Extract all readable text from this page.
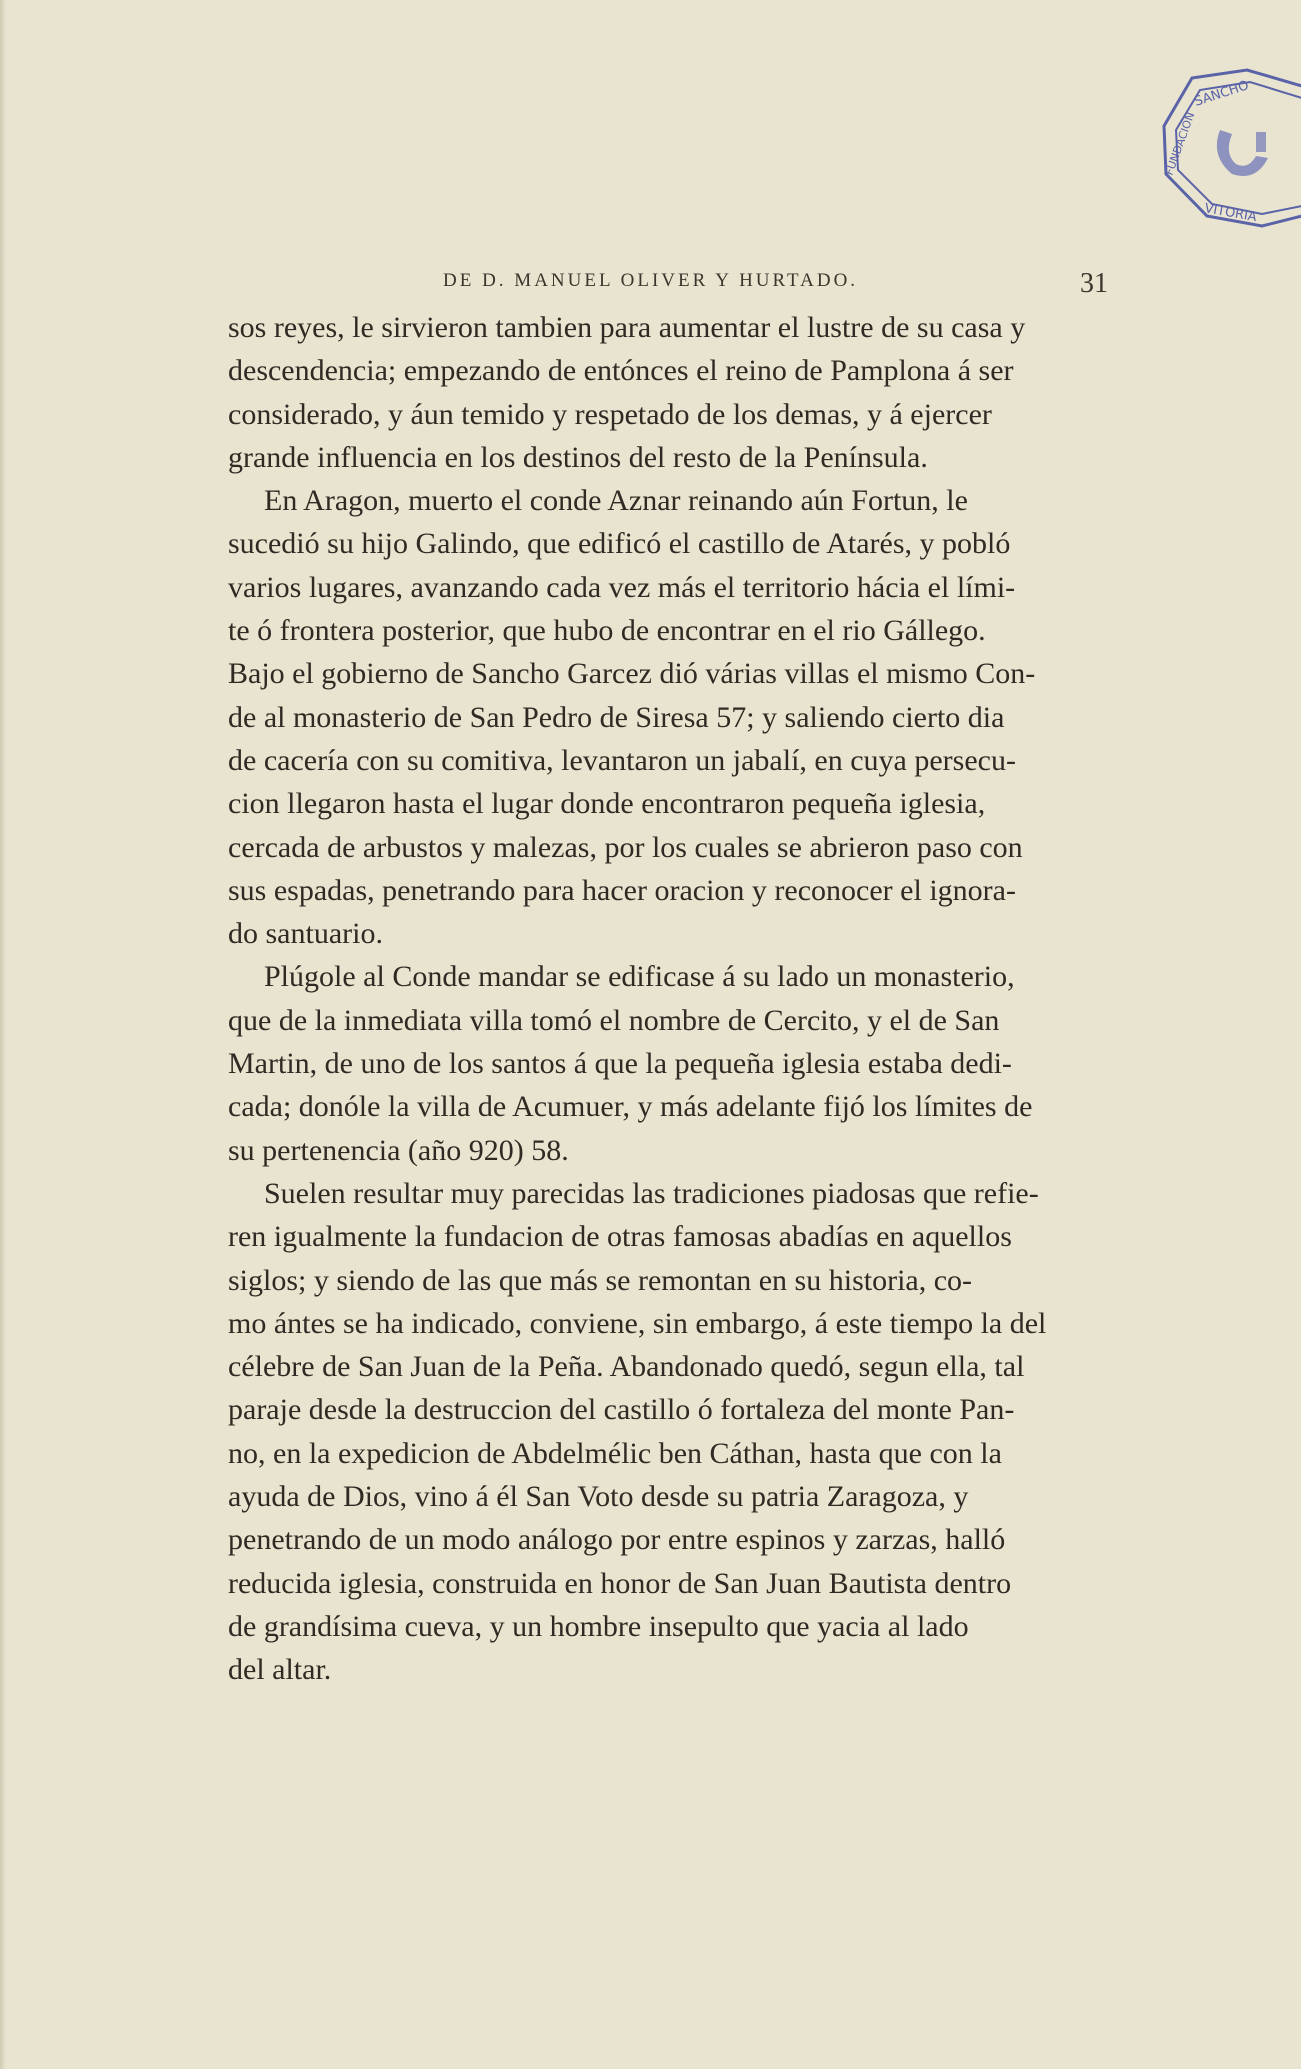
SANCHO
VITORIA
FUNDACION
DE D. MANUEL OLIVER Y HURTADO.	31
sos reyes, le sirvieron tambien para aumentar el lustre de su casa y
descendencia; empezando de entónces el reino de Pamplona á ser
considerado, y áun temido y respetado de los demas, y á ejercer
grande influencia en los destinos del resto de la Península.
En Aragon, muerto el conde Aznar reinando aún Fortun, le
sucedió su hijo Galindo, que edificó el castillo de Atarés, y pobló
varios lugares, avanzando cada vez más el territorio hácia el lími-
te ó frontera posterior, que hubo de encontrar en el rio Gállego.
Bajo el gobierno de Sancho Garcez dió várias villas el mismo Con-
de al monasterio de San Pedro de Siresa 57; y saliendo cierto dia
de cacería con su comitiva, levantaron un jabalí, en cuya persecu-
cion llegaron hasta el lugar donde encontraron pequeña iglesia,
cercada de arbustos y malezas, por los cuales se abrieron paso con
sus espadas, penetrando para hacer oracion y reconocer el ignora-
do santuario.
Plúgole al Conde mandar se edificase á su lado un monasterio,
que de la inmediata villa tomó el nombre de Cercito, y el de San
Martin, de uno de los santos á que la pequeña iglesia estaba dedi-
cada; donóle la villa de Acumuer, y más adelante fijó los límites de
su pertenencia (año 920) 58.
Suelen resultar muy parecidas las tradiciones piadosas que refie-
ren igualmente la fundacion de otras famosas abadías en aquellos
siglos; y siendo de las que más se remontan en su historia, co-
mo ántes se ha indicado, conviene, sin embargo, á este tiempo la del
célebre de San Juan de la Peña. Abandonado quedó, segun ella, tal
paraje desde la destruccion del castillo ó fortaleza del monte Pan-
no, en la expedicion de Abdelmélic ben Cáthan, hasta que con la
ayuda de Dios, vino á él San Voto desde su patria Zaragoza, y
penetrando de un modo análogo por entre espinos y zarzas, halló
reducida iglesia, construida en honor de San Juan Bautista dentro
de grandísima cueva, y un hombre insepulto que yacia al lado
del altar.
